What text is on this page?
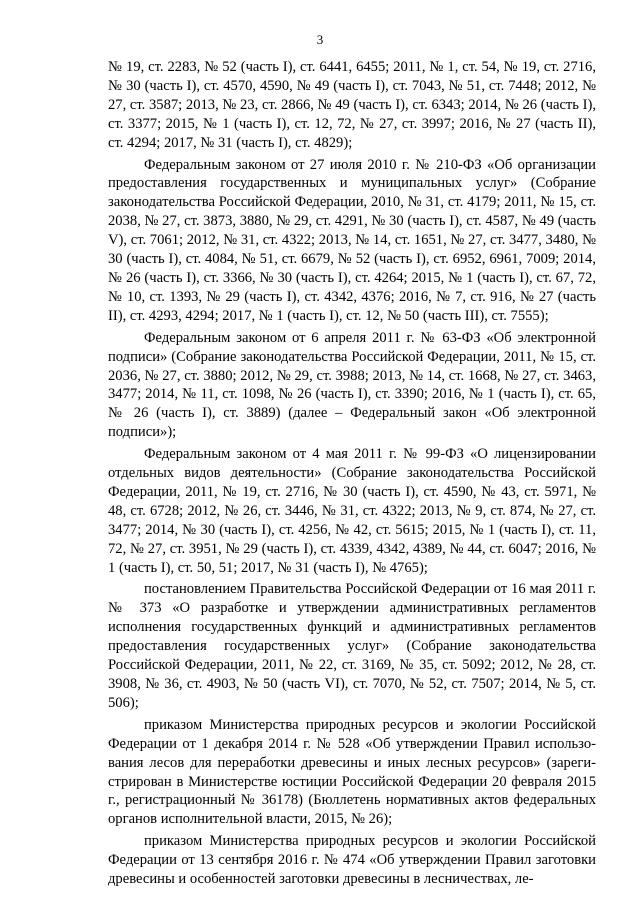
3

№ 19, ст. 2283, № 52 (часть I), ст. 6441, 6455; 2011, № 1, ст. 54, № 19, ст. 2716, № 30 (часть I), ст. 4570, 4590, № 49 (часть I), ст. 7043, № 51, ст. 7448; 2012, № 27, ст. 3587; 2013, № 23, ст. 2866, № 49 (часть I), ст. 6343; 2014, № 26 (часть I), ст. 3377; 2015, № 1 (часть I), ст. 12, 72, № 27, ст. 3997; 2016, № 27 (часть II), ст. 4294; 2017, № 31 (часть I), ст. 4829);

Федеральным законом от 27 июля 2010 г. № 210-ФЗ «Об организации предоставления государственных и муниципальных услуг» (Собрание законодательства Российской Федерации, 2010, № 31, ст. 4179; 2011, № 15, ст. 2038, № 27, ст. 3873, 3880, № 29, ст. 4291, № 30 (часть I), ст. 4587, № 49 (часть V), ст. 7061; 2012, № 31, ст. 4322; 2013, № 14, ст. 1651, № 27, ст. 3477, 3480, № 30 (часть I), ст. 4084, № 51, ст. 6679, № 52 (часть I), ст. 6952, 6961, 7009; 2014, № 26 (часть I), ст. 3366, № 30 (часть I), ст. 4264; 2015, № 1 (часть I), ст. 67, 72, № 10, ст. 1393, № 29 (часть I), ст. 4342, 4376; 2016, № 7, ст. 916, № 27 (часть II), ст. 4293, 4294; 2017, № 1 (часть I), ст. 12, № 50 (часть III), ст. 7555);

Федеральным законом от 6 апреля 2011 г. № 63-ФЗ «Об электронной подписи» (Собрание законодательства Российской Федерации, 2011, № 15, ст. 2036, № 27, ст. 3880; 2012, № 29, ст. 3988; 2013, № 14, ст. 1668, № 27, ст. 3463, 3477; 2014, № 11, ст. 1098, № 26 (часть I), ст. 3390; 2016, № 1 (часть I), ст. 65, № 26 (часть I), ст. 3889) (далее – Федеральный закон «Об электронной подписи»);

Федеральным законом от 4 мая 2011 г. № 99-ФЗ «О лицензировании отдельных видов деятельности» (Собрание законодательства Российской Федерации, 2011, № 19, ст. 2716, № 30 (часть I), ст. 4590, № 43, ст. 5971, № 48, ст. 6728; 2012, № 26, ст. 3446, № 31, ст. 4322; 2013, № 9, ст. 874, № 27, ст. 3477; 2014, № 30 (часть I), ст. 4256, № 42, ст. 5615; 2015, № 1 (часть I), ст. 11, 72, № 27, ст. 3951, № 29 (часть I), ст. 4339, 4342, 4389, № 44, ст. 6047; 2016, № 1 (часть I), ст. 50, 51; 2017, № 31 (часть I), № 4765);

постановлением Правительства Российской Федерации от 16 мая 2011 г. № 373 «О разработке и утверждении административных регламентов исполнения государственных функций и административных регламентов предоставления государственных услуг» (Собрание законодательства Российской Федерации, 2011, № 22, ст. 3169, № 35, ст. 5092; 2012, № 28, ст. 3908, № 36, ст. 4903, № 50 (часть VI), ст. 7070, № 52, ст. 7507; 2014, № 5, ст. 506);

приказом Министерства природных ресурсов и экологии Российской Федерации от 1 декабря 2014 г. № 528 «Об утверждении Правил использования лесов для переработки древесины и иных лесных ресурсов» (зарегистрирован в Министерстве юстиции Российской Федерации 20 февраля 2015 г., регистрационный № 36178) (Бюллетень нормативных актов федеральных органов исполнительной власти, 2015, № 26);

приказом Министерства природных ресурсов и экологии Российской Федерации от 13 сентября 2016 г. № 474 «Об утверждении Правил заготовки древесины и особенностей заготовки древесины в лесничествах, ле-
